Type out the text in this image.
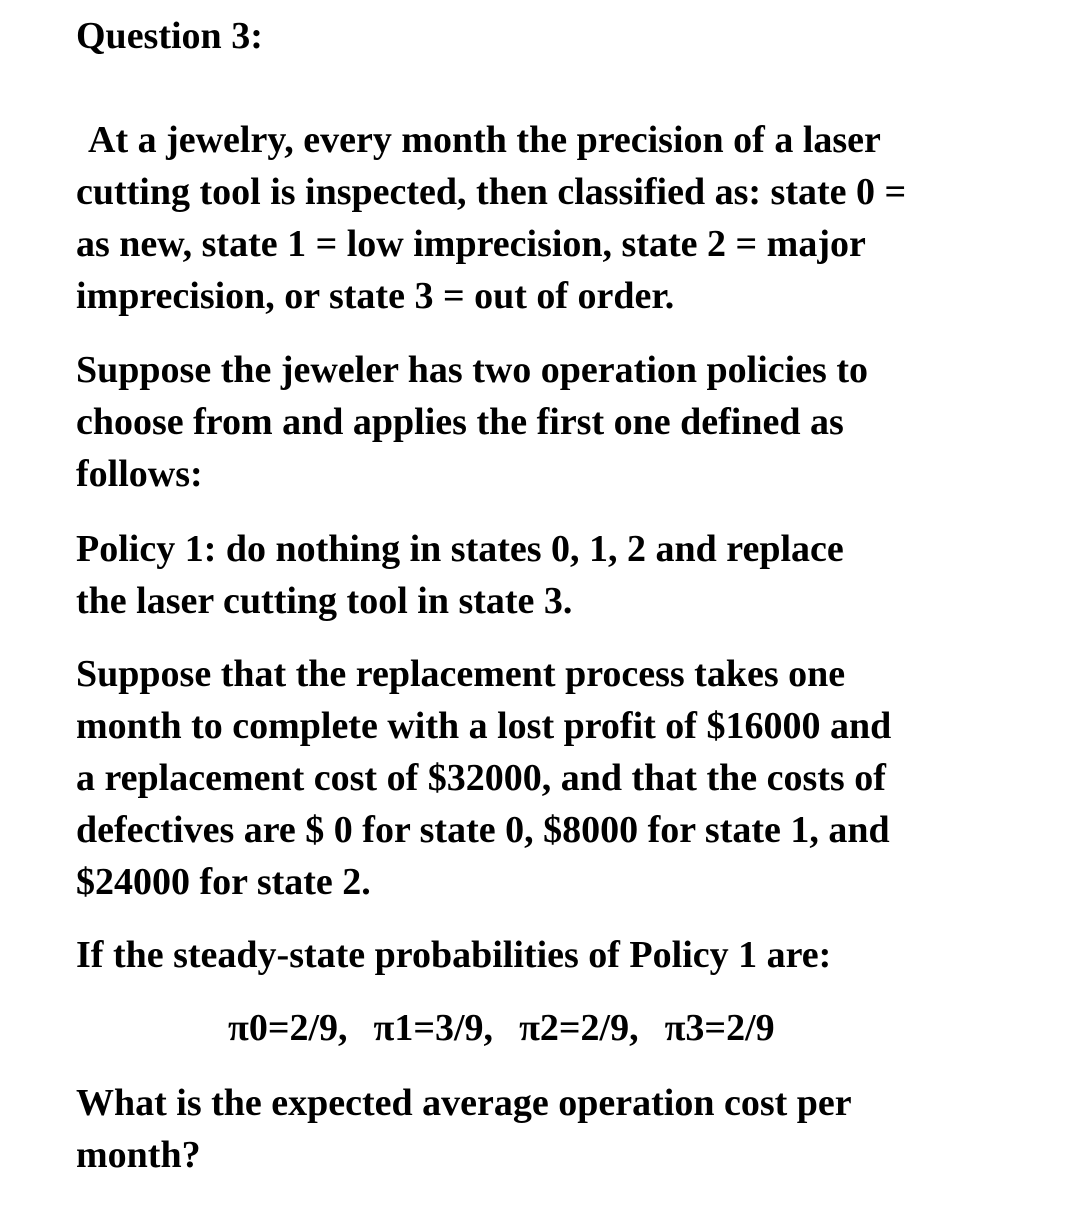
Question 3:
At a jewelry, every month the precision of a laser
cutting tool is inspected, then classified as: state 0 =
as new, state 1 = low imprecision, state 2 = major
imprecision, or state 3 = out of order.
Suppose the jeweler has two operation policies to
choose from and applies the first one defined as
follows:
Policy 1: do nothing in states 0, 1, 2 and replace
the laser cutting tool in state 3.
Suppose that the replacement process takes one
month to complete with a lost profit of $16000 and
a replacement cost of $32000, and that the costs of
defectives are $ 0 for state 0, $8000 for state 1, and
$24000 for state 2.
If the steady-state probabilities of Policy 1 are:
π0=2/9, π1=3/9, π2=2/9, π3=2/9
What is the expected average operation cost per
month?
